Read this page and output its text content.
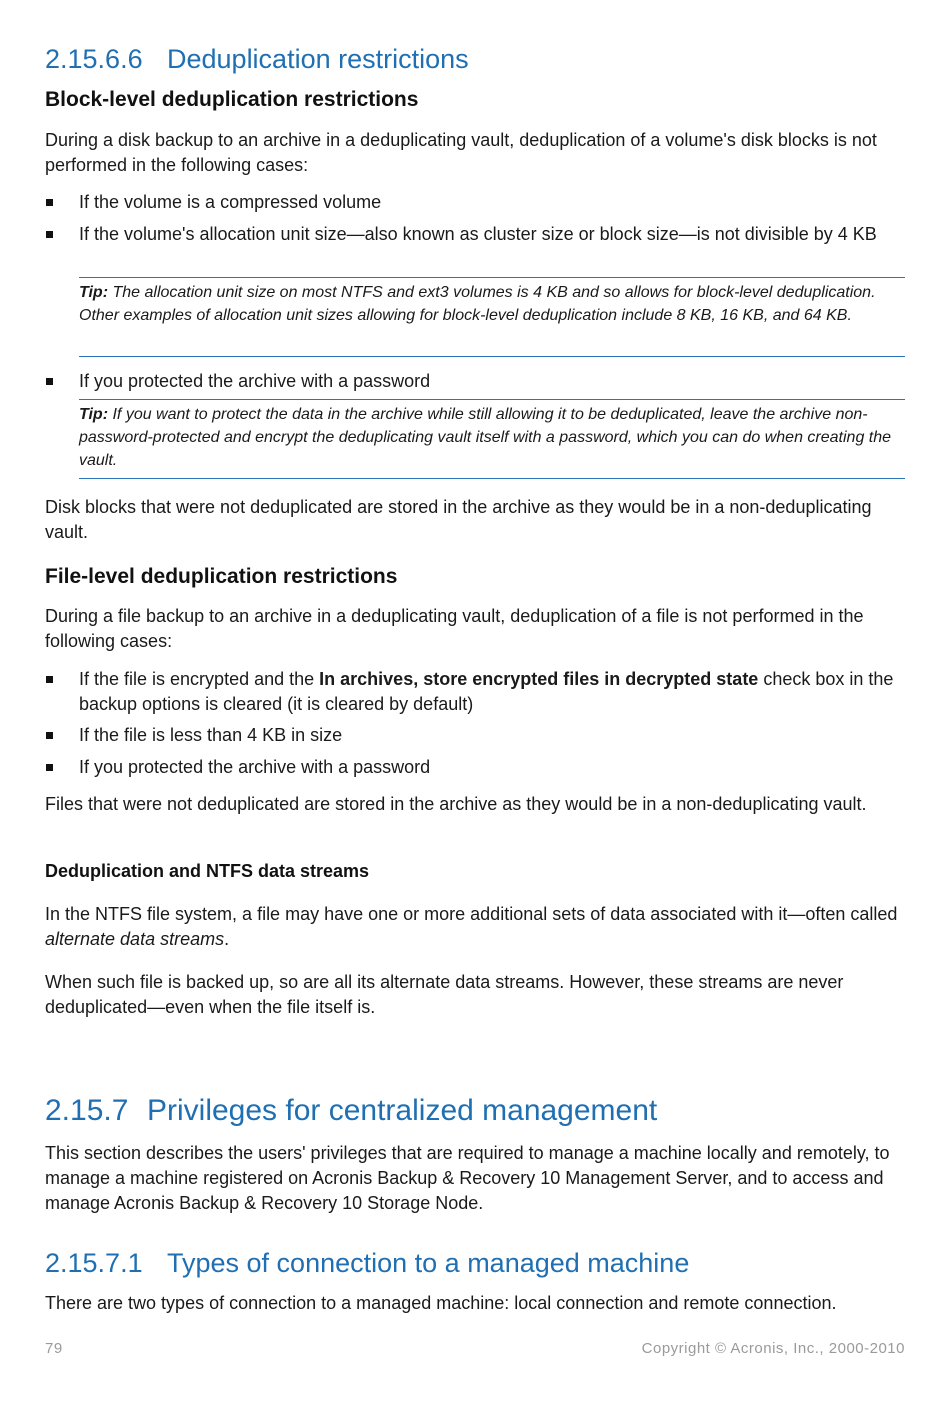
2.15.6.6 Deduplication restrictions
Block-level deduplication restrictions

During a disk backup to an archive in a deduplicating vault, deduplication of a volume's disk blocks is not performed in the following cases:

If the volume is a compressed volume
If the volume's allocation unit size—also known as cluster size or block size—is not divisible by 4 KB
Tip: The allocation unit size on most NTFS and ext3 volumes is 4 KB and so allows for block-level deduplication. Other examples of allocation unit sizes allowing for block-level deduplication include 8 KB, 16 KB, and 64 KB.
If you protected the archive with a password
Tip: If you want to protect the data in the archive while still allowing it to be deduplicated, leave the archive non-password-protected and encrypt the deduplicating vault itself with a password, which you can do when creating the vault.

Disk blocks that were not deduplicated are stored in the archive as they would be in a non-deduplicating vault.

File-level deduplication restrictions

During a file backup to an archive in a deduplicating vault, deduplication of a file is not performed in the following cases:

If the file is encrypted and the In archives, store encrypted files in decrypted state check box in the backup options is cleared (it is cleared by default)
If the file is less than 4 KB in size
If you protected the archive with a password

Files that were not deduplicated are stored in the archive as they would be in a non-deduplicating vault.

Deduplication and NTFS data streams

In the NTFS file system, a file may have one or more additional sets of data associated with it—often called alternate data streams.

When such file is backed up, so are all its alternate data streams. However, these streams are never deduplicated—even when the file itself is.

2.15.7 Privileges for centralized management

This section describes the users' privileges that are required to manage a machine locally and remotely, to manage a machine registered on Acronis Backup & Recovery 10 Management Server, and to access and manage Acronis Backup & Recovery 10 Storage Node.

2.15.7.1 Types of connection to a managed machine

There are two types of connection to a managed machine: local connection and remote connection.

79	Copyright © Acronis, Inc., 2000-2010
